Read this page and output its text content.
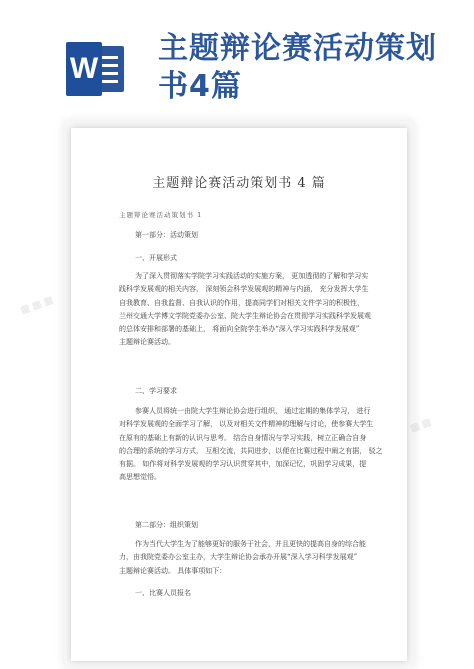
W
主题辩论赛活动策划书4篇
主题辩论赛活动策划书 4 篇
主题辩论赛活动策划书 1
第一部分：活动策划
一、开展形式
为了深入贯彻落实学院学习实践活动的实施方案， 更加透彻的了解和学习实
践科学发展观的相关内容， 深刻领会科学发展观的精神与内涵， 充分发挥大学生
自我教育、自我监督、自我认识的作用，提高同学们对相关文件学习的积极性，
兰州交通大学博文学院党委办公室、院大学生辩论协会在贯彻学习实践科学发展观
的总体安排和部署的基础上， 将面向全院学生举办“深入学习实践科学发展观”
主题辩论赛活动。
二、学习要求
参赛人员将统一由院大学生辩论协会进行组织， 通过定期的集体学习， 进行
对科学发展观的全面学习了解， 以及对相关文件精神的理解与讨论，使参赛大学生
在原有的基础上有新的认识与思考。 结合自身情况与学习实践，树立正确合自身
的合理的系统的学习方式， 互相交流，共同进步，以便在比赛过程中阐之有据， 驳之
有据。 如作将对科学发展观的学习认识贯穿其中，加深记忆，巩固学习成果，提
高思想觉悟。
第二部分：组织策划
作为当代大学生为了能够更好的服务于社会，并且更快的提高自身的综合能
力，由我院党委办公室主办，大学生辩论协会承办开展“深入学习科学发展观”
主题辩论赛活动。 具体事项如下：
一、比赛人员报名
▦ ▦ ▦
▦ ▦
